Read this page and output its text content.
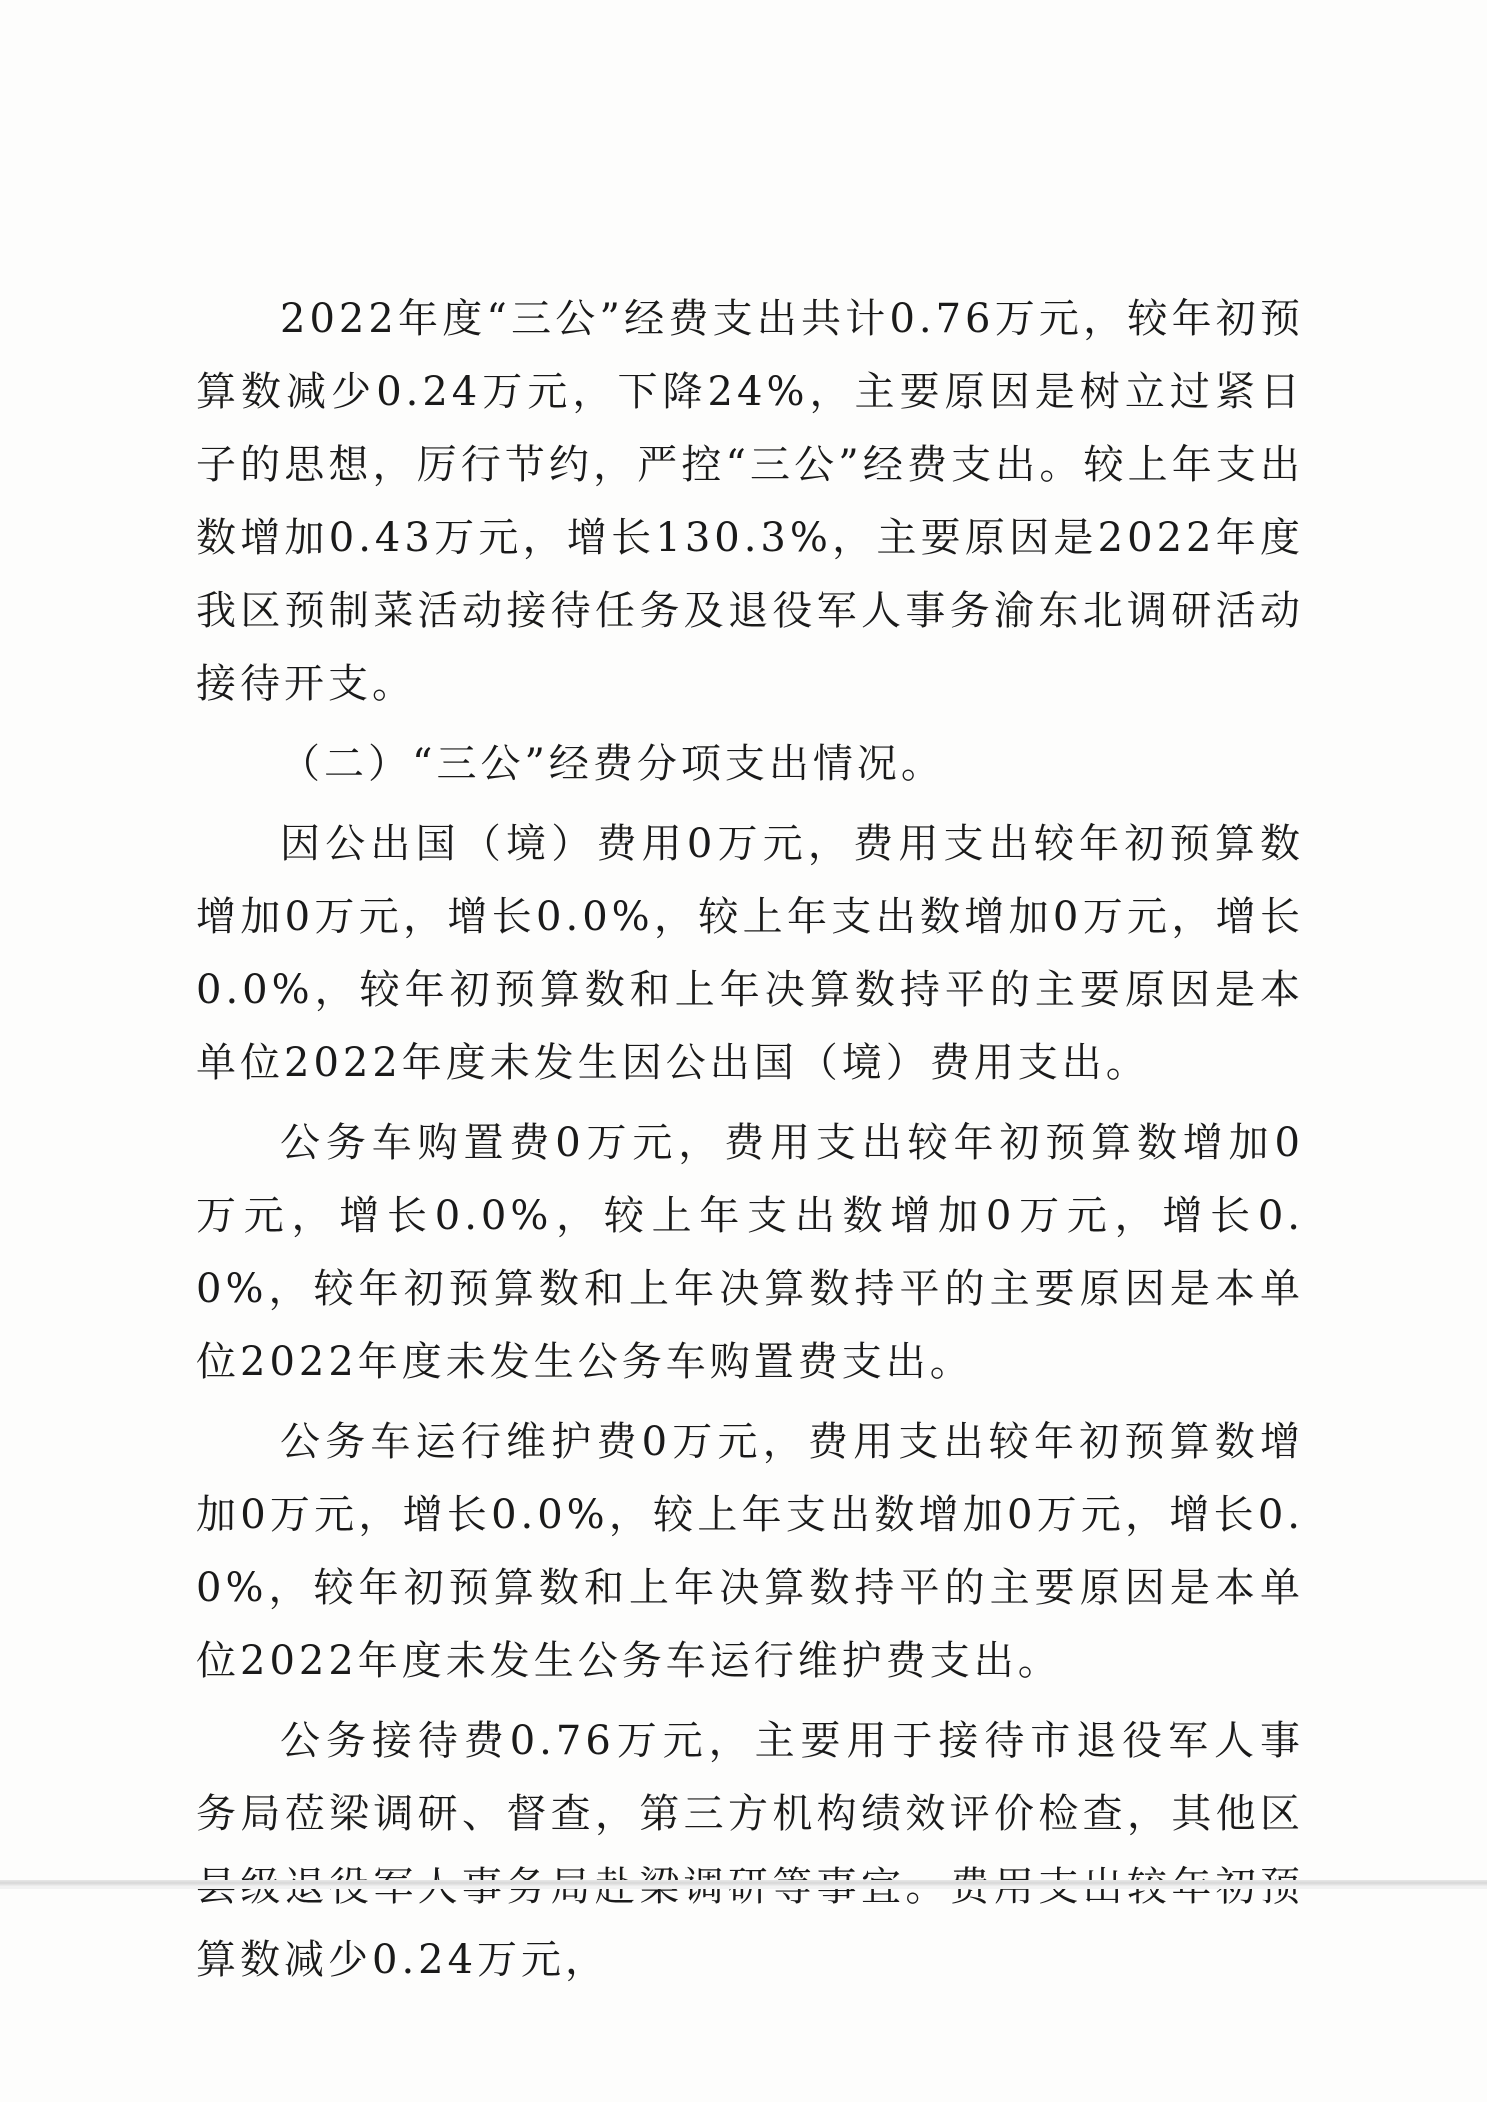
2022年度“三公”经费支出共计0.76万元，较年初预算数减少0.24万元，下降24%，主要原因是树立过紧日子的思想，厉行节约，严控“三公”经费支出。较上年支出数增加0.43万元，增长130.3%，主要原因是2022年度我区预制菜活动接待任务及退役军人事务渝东北调研活动接待开支。

（二）“三公”经费分项支出情况。

因公出国（境）费用0万元，费用支出较年初预算数增加0万元，增长0.0%，较上年支出数增加0万元，增长0.0%，较年初预算数和上年决算数持平的主要原因是本单位2022年度未发生因公出国（境）费用支出。

公务车购置费0万元，费用支出较年初预算数增加0万元，增长0.0%，较上年支出数增加0万元，增长0.0%，较年初预算数和上年决算数持平的主要原因是本单位2022年度未发生公务车购置费支出。

公务车运行维护费0万元，费用支出较年初预算数增加0万元，增长0.0%，较上年支出数增加0万元，增长0.0%，较年初预算数和上年决算数持平的主要原因是本单位2022年度未发生公务车运行维护费支出。

公务接待费0.76万元，主要用于接待市退役军人事务局莅梁调研、督查，第三方机构绩效评价检查，其他区 算数减少0.24万元，
